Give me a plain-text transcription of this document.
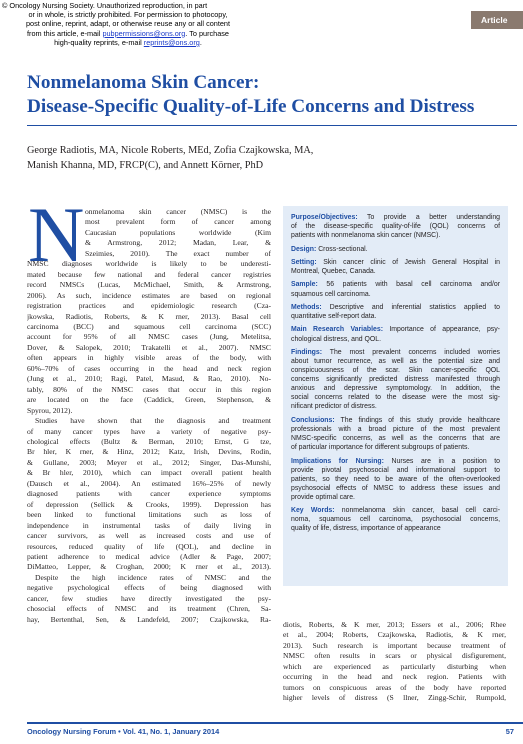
© Oncology Nursing Society. Unauthorized reproduction, in part
or in whole, is strictly prohibited. For permission to photocopy,
post online, reprint, adapt, or otherwise reuse any or all content
from this article, e-mail pubpermissions@ons.org. To purchase
high-quality reprints, e-mail reprints@ons.org.
Article
Nonmelanoma Skin Cancer:
Disease-Specific Quality-of-Life Concerns and Distress
George Radiotis, MA, Nicole Roberts, MEd, Zofia Czajkowska, MA,
Manish Khanna, MD, FRCP(C), and Annett Körner, PhD
N onmelanoma skin cancer (NMSC) is the
most prevalent form of cancer among
Caucasian populations worldwide (Kim
& Armstrong, 2012; Madan, Lear, &
Szeimies, 2010). The exact number of
NMSC diagnoses worldwide is likely to be underesti-
mated because few national and federal cancer registries
record NMSCs (Lucas, McMichael, Smith, & Armstrong,
2006). As such, incidence estimates are based on regional
registration practices and epidemiologic research (Cza-
jkowska, Radiotis, Roberts, & K rner, 2013). Basal cell
carcinoma (BCC) and squamous cell carcinoma (SCC)
account for 95% of all NMSC cases (Jung, Metelitsa,
Dover, & Salopek, 2010; Trakatelli et al., 2007). NMSC
often appears in highly visible areas of the body, with
60%–70% of cases occurring in the head and neck region
(Jung et al., 2010; Ragi, Patel, Masud, & Rao, 2010). No-
tably, 80% of the NMSC cases that occur in this region
are located on the face (Caddick, Green, Stephenson, &
Spyrou, 2012).
Studies have shown that the diagnosis and treatment
of many cancer types have a variety of negative psy-
chological effects (Bultz & Berman, 2010; Ernst, G tze,
Br hler, K rner, & Hinz, 2012; Katz, Irish, Devins, Rodin,
& Gullane, 2003; Meyer et al., 2012; Singer, Das-Munshi,
& Br hler, 2010), which can impact overall patient health
(Dausch et al., 2004). An estimated 16%–25% of newly
diagnosed patients with cancer experience symptoms
of depression (Sellick & Crooks, 1999). Depression has
been linked to functional limitations such as loss of
independence in instrumental tasks of daily living in
cancer survivors, as well as increased costs and use of
resources, reduced quality of life (QOL), and decline in
patient adherence to medical advice (Adler & Page, 2007;
DiMatteo, Lepper, & Croghan, 2000; K rner et al., 2013).
Despite the high incidence rates of NMSC and the
negative psychological effects of being diagnosed with
cancer, few studies have directly investigated the psy-
chosocial effects of NMSC and its treatment (Chren, Sa-
hay, Bertenthal, Sen, & Landefeld, 2007; Czajkowska, Ra-
Purpose/Objectives: To provide a better understanding
of the disease-specific quality-of-life (QOL) concerns of
patients with nonmelanoma skin cancer (NMSC).
Design: Cross-sectional.
Setting: Skin cancer clinic of Jewish General Hospital in
Montreal, Quebec, Canada.
Sample: 56 patients with basal cell carcinoma and/or
squamous cell carcinoma.
Methods: Descriptive and inferential statistics applied to
quantitative self-report data.
Main Research Variables: Importance of appearance, psy-
chological distress, and QOL.
Findings: The most prevalent concerns included worries
about tumor recurrence, as well as the potential size and
conspicuousness of the scar. Skin cancer-specific QOL
concerns significantly predicted distress manifested through
anxious and depressive symptomology. In addition, the
social concerns related to the disease were the most sig-
nificant predictor of distress.
Conclusions: The findings of this study provide healthcare
professionals with a broad picture of the most prevalent
NMSC-specific concerns, as well as the concerns that are
of particular importance for different subgroups of patients.
Implications for Nursing: Nurses are in a position to
provide pivotal psychosocial and informational support to
patients, so they need to be aware of the often-overlooked
psychosocial effects of NMSC to address these issues and
provide optimal care.
Key Words: nonmelanoma skin cancer, basal cell carci-
noma, squamous cell carcinoma, psychosocial concerns,
quality of life, distress, importance of appearance
diotis, Roberts, & K rner, 2013; Essers et al., 2006; Rhee
et al., 2004; Roberts, Czajkowska, Radiotis, & K rner,
2013). Such research is important because treatment of
NMSC often results in scars or physical disfigurement,
which are experienced as particularly disturbing when
occurring in the head and neck region. Patients with
tumors on conspicuous areas of the body have reported
higher levels of distress (S llner, Zingg-Schir, Rumpold,
Oncology Nursing Forum • Vol. 41, No. 1, January 2014	57
